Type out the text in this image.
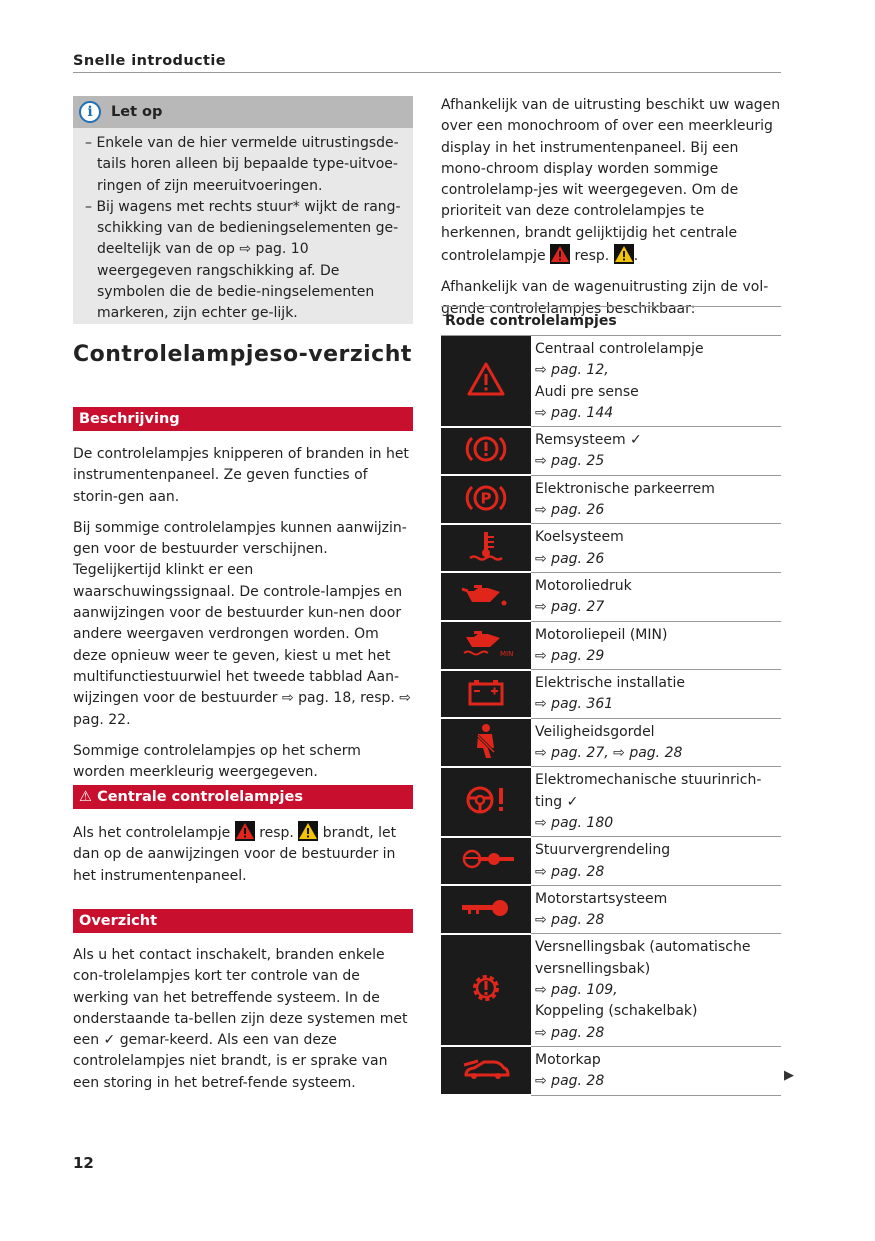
Snelle introductie
i	Let op
– Enkele van de hier vermelde uitrustingsde-tails horen alleen bij bepaalde type-uitvoe-ringen of zijn meeruitvoeringen.
– Bij wagens met rechts stuur* wijkt de rang-schikking van de bedieningselementen ge-deeltelijk van de op ⇨ pag. 10 weergegeven rangschikking af. De symbolen die de bedie-ningselementen markeren, zijn echter ge-lijk.
Controlelampjeso-verzicht
Beschrijving

De controlelampjes knipperen of branden in het instrumentenpaneel. Ze geven functies of storin-gen aan.

Bij sommige controlelampjes kunnen aanwijzin-gen voor de bestuurder verschijnen. Tegelijkertijd klinkt er een waarschuwingssignaal. De controle-lampjes en aanwijzingen voor de bestuurder kun-nen door andere weergaven verdrongen worden. Om deze opnieuw weer te geven, kiest u met het multifunctiestuurwiel het tweede tabblad Aan-wijzingen voor de bestuurder ⇨ pag. 18, resp. ⇨ pag. 22.

Sommige controlelampjes op het scherm worden meerkleurig weergegeven.

⚠ Centrale controlelampjes

Als het controlelampje resp. brandt, let dan op de aanwijzingen voor de bestuurder in het instrumentenpaneel.

Overzicht

Als u het contact inschakelt, branden enkele con-trolelampjes kort ter controle van de werking van het betreffende systeem. In de onderstaande ta-bellen zijn deze systemen met een ✓ gemar-keerd. Als een van deze controlelampjes niet brandt, is er sprake van een storing in het betref-fende systeem.

Afhankelijk van de uitrusting beschikt uw wagen over een monochroom of over een meerkleurig display in het instrumentenpaneel. Bij een mono-chroom display worden sommige controlelamp-jes wit weergegeven. Om de prioriteit van deze controlelampjes te herkennen, brandt gelijktijdig het centrale controlelampje resp. .

Afhankelijk van de wagenuitrusting zijn de vol-gende controlelampjes beschikbaar:

Rode controlelampjes	

Centraal controlelampje
⇨ pag. 12,
Audi pre sense
⇨ pag. 144

Remsysteem ✓
⇨ pag. 25

P	Elektronische parkeerrem
⇨ pag. 26

Koelsysteem
⇨ pag. 26

Motoroliedruk
⇨ pag. 27

MIN	Motoroliepeil (MIN)
⇨ pag. 29

Elektrische installatie
⇨ pag. 361

Veiligheidsgordel
⇨ pag. 27, ⇨ pag. 28

Elektromechanische stuurinrich-
ting ✓
⇨ pag. 180

Stuurvergrendeling
⇨ pag. 28

Motorstartsysteem
⇨ pag. 28

Versnellingsbak (automatische
versnellingsbak)
⇨ pag. 109,
Koppeling (schakelbak)
⇨ pag. 28

Motorkap
⇨ pag. 28
12
▶
